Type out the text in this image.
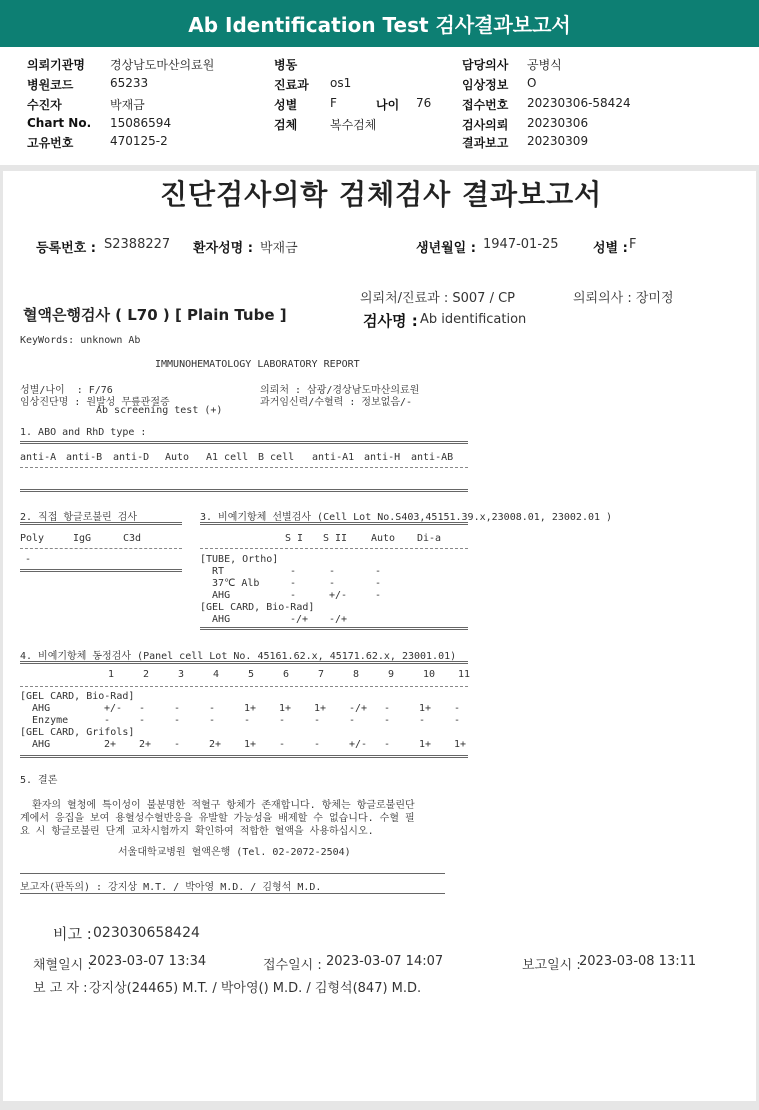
Ab Identification Test 검사결과보고서
의뢰기관명 경상남도마산의료원
병원코드	65233
수진자	박재금
Chart No. 15086594
고유번호	470125-2
병동
진료과 os1
성별	F	나이 76
검체	복수검체
담당의사 공병식
임상정보 O
접수번호 20230306-58424
검사의뢰 20230306
결과보고 20230309
진단검사의학 검체검사 결과보고서
등록번호 : S2388227 환자성명 : 박재금	생년월일 : 1947-01-25	성별 : F
의뢰처/진료과 : S007 / CP	의뢰의사 : 장미정
혈액은행검사 ( L70 ) [ Plain Tube ]	검사명 : Ab identification
KeyWords: unknown Ab
IMMUNOHEMATOLOGY LABORATORY REPORT
성별/나이  : F/76
임상진단명 : 원발성 무릎관절증
Ab screening test (+)
의뢰처 : 삼광/경상남도마산의료원
과거임신력/수혈력 : 정보없음/-
1. ABO and RhD type :
anti-A anti-B anti-D Auto A1 cell B cell anti-A1 anti-H anti-AB
2. 직접 항글로불린 검사
Poly	IgG	C3d
-
3. 비예기항체 선별검사 (Cell Lot No.S403,45151.39.x,23008.01, 23002.01 )
S I S II Auto Di-a
[TUBE, Ortho]
RT	-	-	-
37℃ Alb	-	-	-
AHG	-	+/-	-
[GEL CARD, Bio-Rad]
AHG	-/+ -/+
4. 비예기항체 동정검사 (Panel cell Lot No. 45161.62.x, 45171.62.x, 23001.01)
1	2	3	4	5	6	7	8	9	10 11
[GEL CARD, Bio-Rad]
AHG	+/- -	-	-	1+ 1+ 1+ -/+ -	1+ -
Enzyme	-	-	-	-	-	-	-	-	-	-	-
[GEL CARD, Grifols]
AHG	2+ 2+ -	2+ 1+ -	-	+/- -	1+ 1+
5. 결론
환자의 혈청에 특이성이 불분명한 적혈구 항체가 존재합니다. 항체는 항글로불린단
계에서 응집을 보여 용혈성수혈반응을 유발할 가능성을 배제할 수 없습니다. 수혈 필
요 시 항글로불린 단계 교차시험까지 확인하여 적합한 혈액을 사용하십시오.
서울대학교병원 혈액은행 (Tel. 02-2072-2504)
보고자(판독의) : 강지상 M.T. / 박아영 M.D. / 김형석 M.D.
비고 : 023030658424
채혈일시 :
2023-03-07 13:34	접수일시 : 2023-03-07 14:07	보고일시 :
2023-03-08 13:11
보 고 자 : 강지상(24465) M.T. / 박아영() M.D. / 김형석(847) M.D.
